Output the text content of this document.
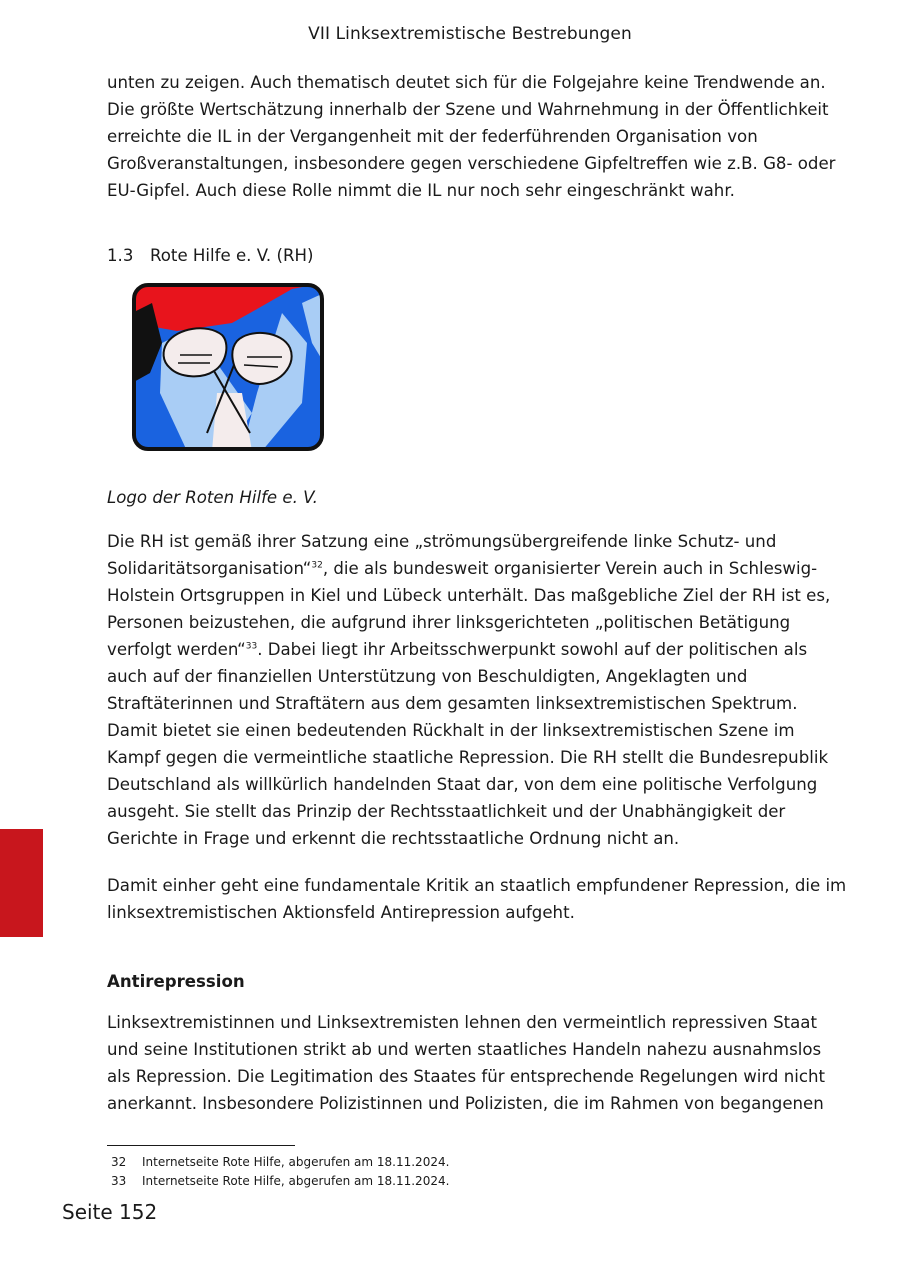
VII Linksextremistische Bestrebungen

unten zu zeigen. Auch thematisch deutet sich für die Folgejahre keine Trendwende an. Die größte Wertschätzung innerhalb der Szene und Wahrnehmung in der Öffentlichkeit erreichte die IL in der Vergangenheit mit der federführenden Organisation von Großveranstaltungen, insbesondere gegen verschiedene Gipfeltreffen wie z.B. G8- oder EU-Gipfel. Auch diese Rolle nimmt die IL nur noch sehr eingeschränkt wahr.

1.3 Rote Hilfe e. V. (RH)
Logo der Roten Hilfe e. V.

Die RH ist gemäß ihrer Satzung eine „strömungsübergreifende linke Schutz- und Solidaritätsorganisation“$^{32}$, die als bundesweit organisierter Verein auch in Schleswig-Holstein Ortsgruppen in Kiel und Lübeck unterhält. Das maßgebliche Ziel der RH ist es, Personen beizustehen, die aufgrund ihrer linksgerichteten „politischen Betätigung verfolgt werden“$^{33}$. Dabei liegt ihr Arbeitsschwerpunkt sowohl auf der politischen als auch auf der finanziellen Unterstützung von Beschuldigten, Angeklagten und Straftäterinnen und Straftätern aus dem gesamten linksextremistischen Spektrum. Damit bietet sie einen bedeutenden Rückhalt in der linksextremistischen Szene im Kampf gegen die vermeintliche staatliche Repression. Die RH stellt die Bundesrepublik Deutschland als willkürlich handelnden Staat dar, von dem eine politische Verfolgung ausgeht. Sie stellt das Prinzip der Rechtsstaatlichkeit und der Unabhängigkeit der Gerichte in Frage und erkennt die rechtsstaatliche Ordnung nicht an.

Damit einher geht eine fundamentale Kritik an staatlich empfundener Repression, die im linksextremistischen Aktionsfeld Antirepression aufgeht.

Antirepression

Linksextremistinnen und Linksextremisten lehnen den vermeintlich repressiven Staat und seine Institutionen strikt ab und werten staatliches Handeln nahezu ausnahmslos als Repression. Die Legitimation des Staates für entsprechende Regelungen wird nicht anerkannt. Insbesondere Polizistinnen und Polizisten, die im Rahmen von begangenen

32 Internetseite Rote Hilfe, abgerufen am 18.11.2024.
33 Internetseite Rote Hilfe, abgerufen am 18.11.2024.
Seite 152
